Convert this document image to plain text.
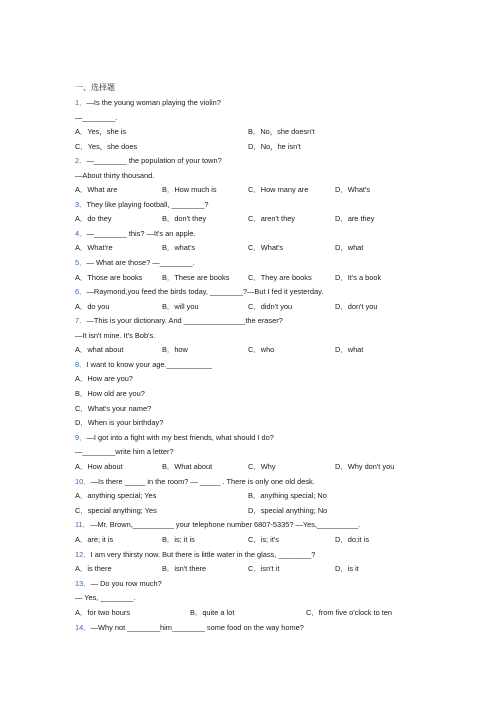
一、选择题
1．—Is the young woman playing the violin?
—________.
A．Yes，she is	B．No，she doesn't
C．Yes，she does	D．No，he isn't
2．—________ the population of your town?
—About thirty thousand.
A．What are	B．How much is	C．How many are	D．What's
3．They like playing football, ________?
A．do they	B．don't they	C．aren't they	D．are they
4．—________ this? —It's an apple.
A．What're	B．what's	C．What's	D．what
5．— What are those? —________.
A．Those are books	B．These are books	C．They are books	D．It's a book
6．—Raymond,you feed the birds today, ________?—But I fed it yesterday.
A．do you	B．will you	C．didn't you	D．don't you
7．—This is your dictionary. And _______________the eraser?
—It isn't mine. It's Bob's.
A．what about	B．how	C．who	D．what
8．I want to know your age.___________
A．How are you?
B．How old are you?
C．What's your name?
D．When is your birthday?
9．—I got into a fight with my best friends, what should I do?
—________write him a letter?
A．How about	B．What about	C．Why	D．Why don't you
10．—Is there _____ in the room? — _____ . There is only one old desk.
A．anything special; Yes	B．anything special; No
C．special anything; Yes	D．special anything; No
11．—Mr. Brown,__________ your telephone number 6807-5335? —Yes,__________.
A．are; it is	B．is; it is	C．is; it's	D．do;it is
12．I am very thirsty now. But there is little water in the glass, ________?
A．is there	B．isn't there	C．isn't it	D．is it
13．— Do you row much?
— Yes, ________.
A．for two hours	B．quite a lot	C．from five o'clock to ten
14．—Why not ________him________ some food on the way home?
